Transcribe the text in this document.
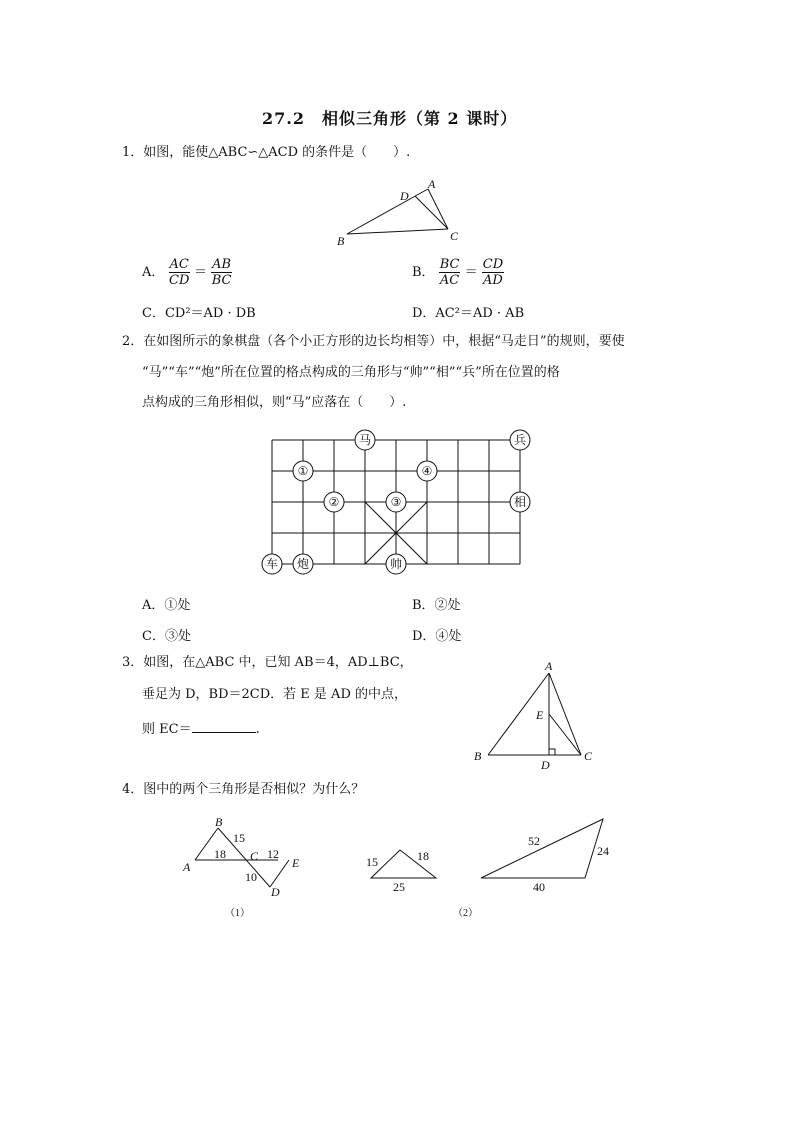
27.2　相似三角形（第 2 课时）
1．如图，能使△ABC∽△ACD 的条件是（　　）.
A
D
B	C
A． $\frac{AC}{CD} = \frac{AB}{BC}$	B． $\frac{BC}{AC} = \frac{CD}{AD}$
C．CD²＝AD · DB	D．AC²＝AD · AB
2．在如图所示的象棋盘（各个小正方形的边长均相等）中，根据“马走日”的规则，要使
“马”“车”“炮”所在位置的格点构成的三角形与“帅”“相”“兵”所在位置的格
点构成的三角形相似，则“马”应落在（　　）.
马	兵
①	④
②	③	相
车 炮	帅
A．①处	B．②处
C．③处	D．④处
3．如图，在△ABC 中，已知 AB＝4，AD⊥BC，
垂足为 D，BD＝2CD．若 E 是 AD 的中点，
则 EC＝	.
A
E
B	C
D
4．图中的两个三角形是否相似？为什么？
B
A
C
D
E
15
18	12
10
（1）
15	18
25
52
24
40
（2）
